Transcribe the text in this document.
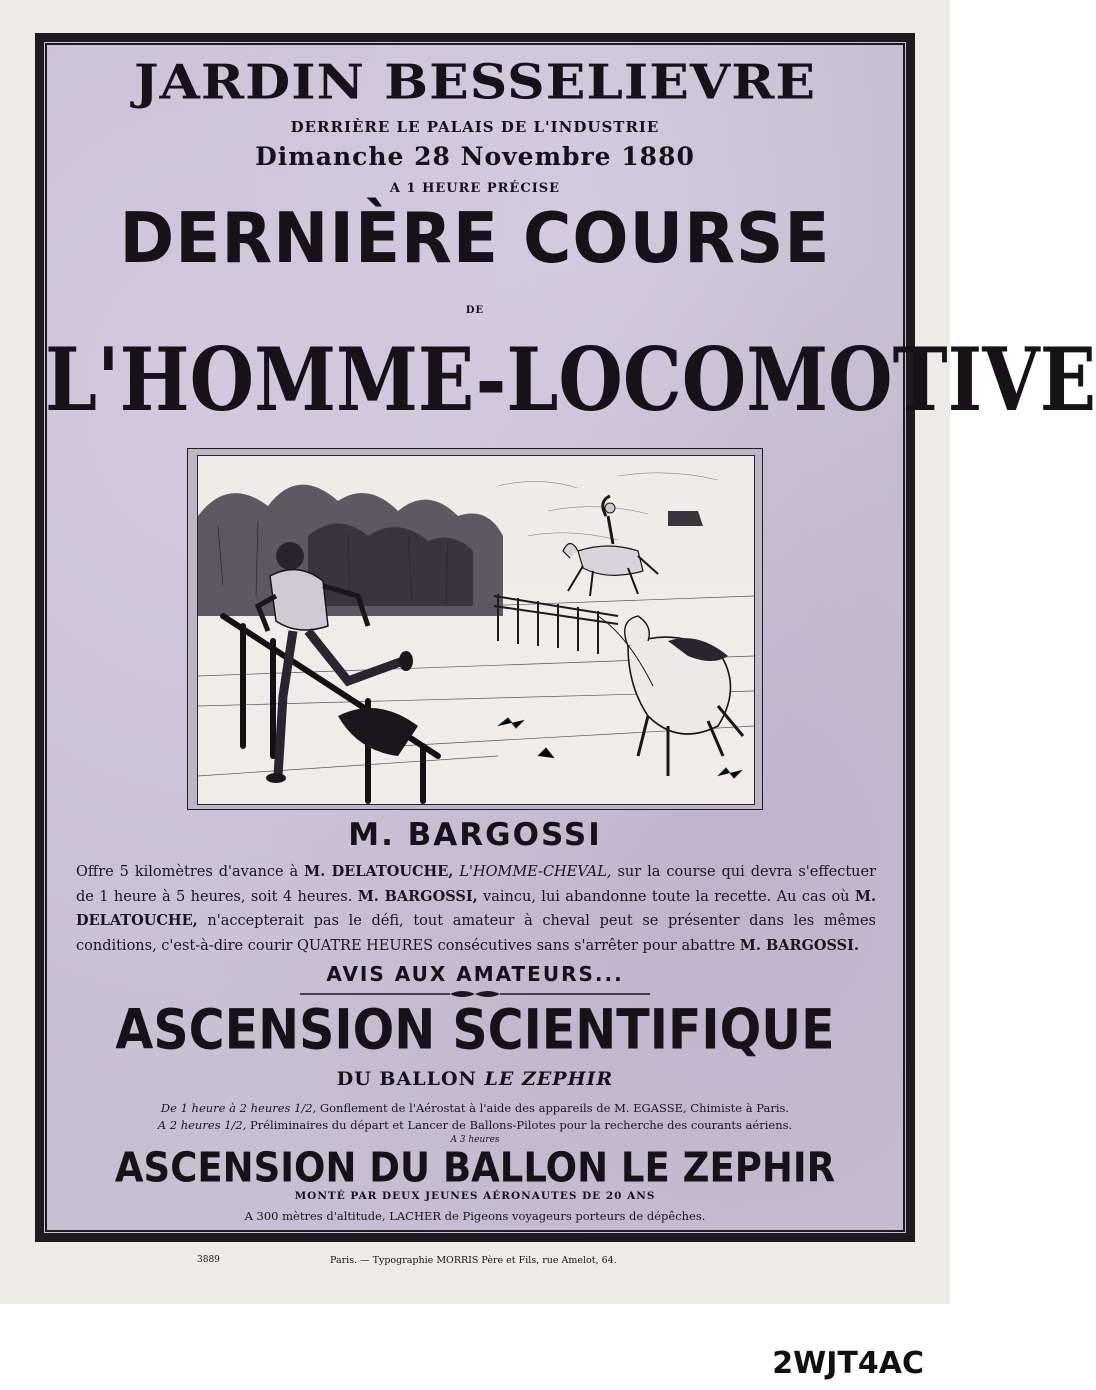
JARDIN BESSELIEVRE
DERRIÈRE LE PALAIS DE L'INDUSTRIE
Dimanche 28 Novembre 1880
A 1 HEURE PRÉCISE
DERNIÈRE COURSE
DE
L'HOMME-LOCOMOTIVE
M. BARGOSSI
Offre 5 kilomètres d'avance à M. DELATOUCHE, L'HOMME-CHEVAL, sur la course qui devra s'effectuer de 1 heure à 5 heures, soit 4 heures. M. BARGOSSI, vaincu, lui abandonne toute la recette. Au cas où M. DELATOUCHE, n'accepterait pas le défi, tout amateur à cheval peut se présenter dans les mêmes conditions, c'est-à-dire courir QUATRE HEURES consécutives sans s'arrêter pour abattre M. BARGOSSI.
AVIS AUX AMATEURS...
ASCENSION SCIENTIFIQUE
DU BALLON LE ZEPHIR
De 1 heure à 2 heures 1/2, Gonflement de l'Aérostat à l'aide des appareils de M. EGASSE, Chimiste à Paris.
A 2 heures 1/2, Préliminaires du départ et Lancer de Ballons-Pilotes pour la recherche des courants aériens.
A 3 heures
ASCENSION DU BALLON LE ZEPHIR
MONTÉ PAR DEUX JEUNES AÉRONAUTES DE 20 ANS
A 300 mètres d'altitude, LACHER de Pigeons voyageurs porteurs de dépêches.
3889	Paris. — Typographie MORRIS Père et Fils, rue Amelot, 64.
2WJT4AC
